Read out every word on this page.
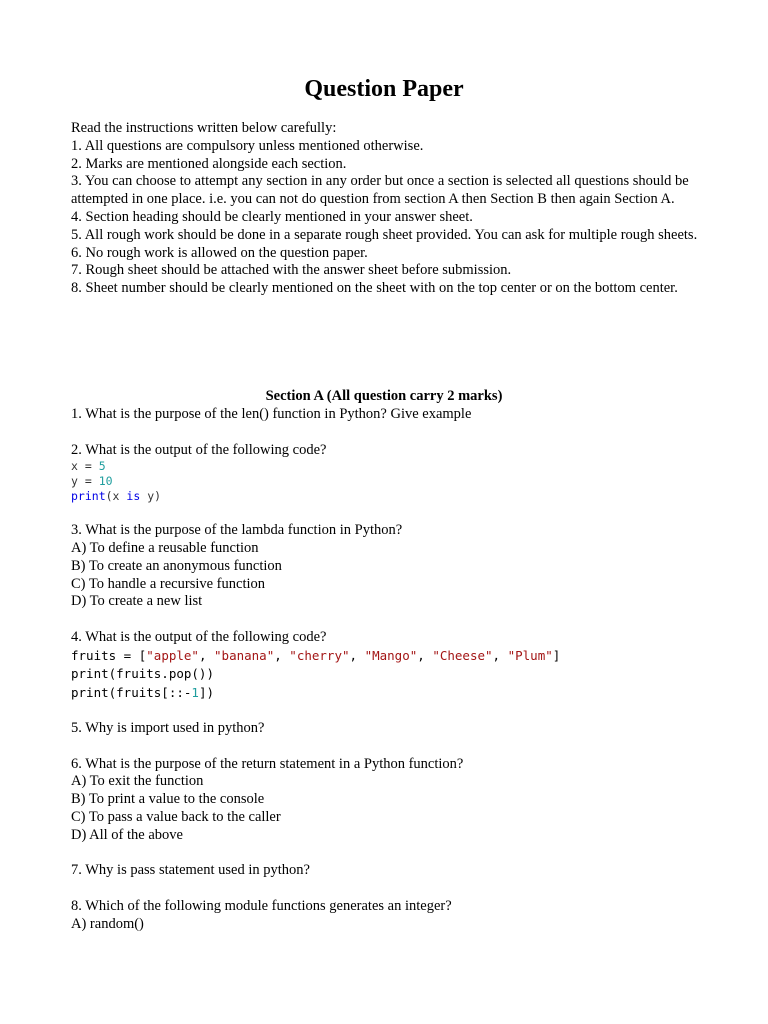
Question Paper
Read the instructions written below carefully:
1. All questions are compulsory unless mentioned otherwise.
2. Marks are mentioned alongside each section.
3. You can choose to attempt any section in any order but once a section is selected all questions should be attempted in one place. i.e. you can not do question from section A then Section B then again Section A.
4. Section heading should be clearly mentioned in your answer sheet.
5. All rough work should be done in a separate rough sheet provided. You can ask for multiple rough sheets.
6. No rough work is allowed on the question paper.
7. Rough sheet should be attached with the answer sheet before submission.
8. Sheet number should be clearly mentioned on the sheet with on the top center or on the bottom center.
Section A (All question carry 2 marks)
1. What is the purpose of the len() function in Python? Give example
2. What is the output of the following code?
x = 5
y = 10
print(x is y)
3. What is the purpose of the lambda function in Python?
A) To define a reusable function
B) To create an anonymous function
C) To handle a recursive function
D) To create a new list
4. What is the output of the following code?
fruits = ["apple", "banana", "cherry", "Mango", "Cheese", "Plum"]
print(fruits.pop())
print(fruits[::-1])
5. Why is import used in python?
6. What is the purpose of the return statement in a Python function?
A) To exit the function
B) To print a value to the console
C) To pass a value back to the caller
D) All of the above
7. Why is pass statement used in python?
8. Which of the following module functions generates an integer?
A) random()
